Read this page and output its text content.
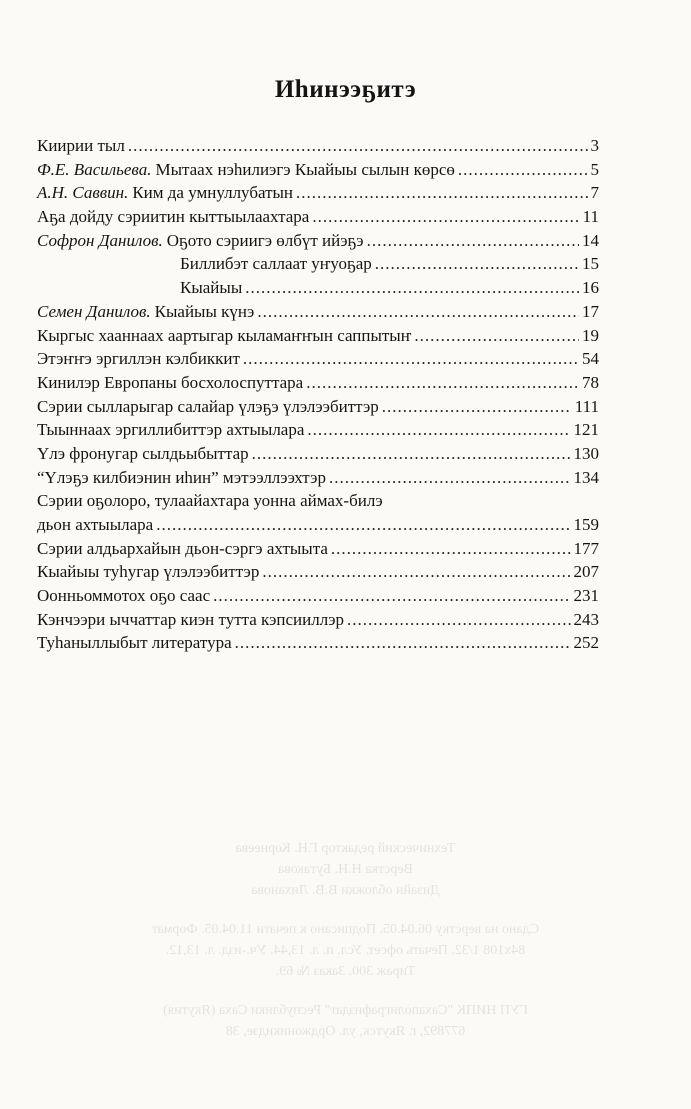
Иһинээҕитэ
Киирии тыл .....	3
Ф.Е. Васильева. Мытаах нэһилиэгэ Кыайыы сылын көрсө .....	5
А.Н. Саввин. Ким да умнуллубатын .....	7
Аҕа дойду сэриитин кыттыылаахтара .....	11
Софрон Данилов. Оҕото сэриигэ өлбүт ийэҕэ .....	14
Биллибэт саллаат уҥуоҕар .....	15
Кыайыы .....	16
Семен Данилов. Кыайыы күнэ .....	17
Кыргыс хааннаах аартыгар кыламаҥҥын саппытыҥ .....	19
Этэҥҥэ эргиллэн кэлбиккит .....	54
Кинилэр Европаны босхолоспуттара .....	78
Сэрии сылларыгар салайар үлэҕэ үлэлээбиттэр .....	111
Тыыннаах эргиллибиттэр ахтыылара .....	121
Үлэ фронугар сылдьыбыттар .....	130
“Үлэҕэ килбиэнин иһин” мэтээллээхтэр .....	134
Сэрии оҕолоро, тулаайахтара уонна аймах-билэ
дьон ахтыылара .....	159
Сэрии алдьархайын дьон-сэргэ ахтыыта .....	177
Кыайыы туһугар үлэлээбиттэр .....	207
Оонньоммотох оҕо саас .....	231
Кэнчээри ыччаттар киэн тутта кэпсииллэр .....	243
Туһаныллыбыт литература .....	252
Технический редактор Г.Н. Корнеева
Верстка Н.Н. Бутакова
Дизайн обложки В.В. Лиханова
Сдано на верстку 06.04.05. Подписано к печати 11.04.05. Формат
84x108 1/32. Печать офсет. Усл. п. л. 13,44. Уч.-изд. л. 13,12.
Тираж 300. Заказ № 69.
ГУП НИПК "Сахаполиграфиздат" Республики Саха (Якутия)
677892, г. Якутск, ул. Орджоникидзе, 38
